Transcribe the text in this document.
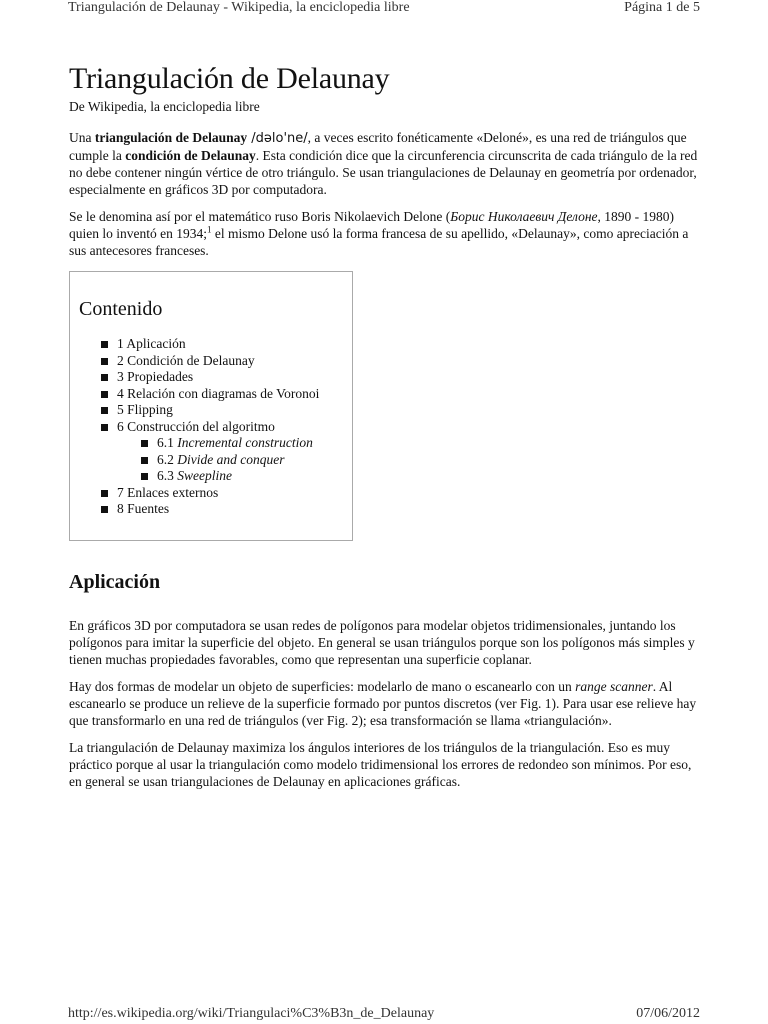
Triangulación de Delaunay - Wikipedia, la enciclopedia libre	Página 1 de 5
Triangulación de Delaunay
De Wikipedia, la enciclopedia libre

Una triangulación de Delaunay /dəlo'ne/, a veces escrito fonéticamente «Deloné», es una red de triángulos que cumple la condición de Delaunay. Esta condición dice que la circunferencia circunscrita de cada triángulo de la red no debe contener ningún vértice de otro triángulo. Se usan triangulaciones de Delaunay en geometría por ordenador, especialmente en gráficos 3D por computadora.

Se le denomina así por el matemático ruso Boris Nikolaevich Delone (Борис Николаевич Делоне, 1890 - 1980) quien lo inventó en 1934;$^1$ el mismo Delone usó la forma francesa de su apellido, «Delaunay», como apreciación a sus antecesores franceses.

Contenido
1 Aplicación
2 Condición de Delaunay
3 Propiedades
4 Relación con diagramas de Voronoi
5 Flipping
6 Construcción del algoritmo
6.1 Incremental construction
6.2 Divide and conquer
6.3 Sweepline
7 Enlaces externos
8 Fuentes
Aplicación

En gráficos 3D por computadora se usan redes de polígonos para modelar objetos tridimensionales, juntando los polígonos para imitar la superficie del objeto. En general se usan triángulos porque son los polígonos más simples y tienen muchas propiedades favorables, como que representan una superficie coplanar.

Hay dos formas de modelar un objeto de superficies: modelarlo de mano o escanearlo con un range scanner. Al escanearlo se produce un relieve de la superficie formado por puntos discretos (ver Fig. 1). Para usar ese relieve hay que transformarlo en una red de triángulos (ver Fig. 2); esa transformación se llama «triangulación».

La triangulación de Delaunay maximiza los ángulos interiores de los triángulos de la triangulación. Eso es muy práctico porque al usar la triangulación como modelo tridimensional los errores de redondeo son mínimos. Por eso, en general se usan triangulaciones de Delaunay en aplicaciones gráficas.

http://es.wikipedia.org/wiki/Triangulaci%C3%B3n_de_Delaunay	07/06/2012
